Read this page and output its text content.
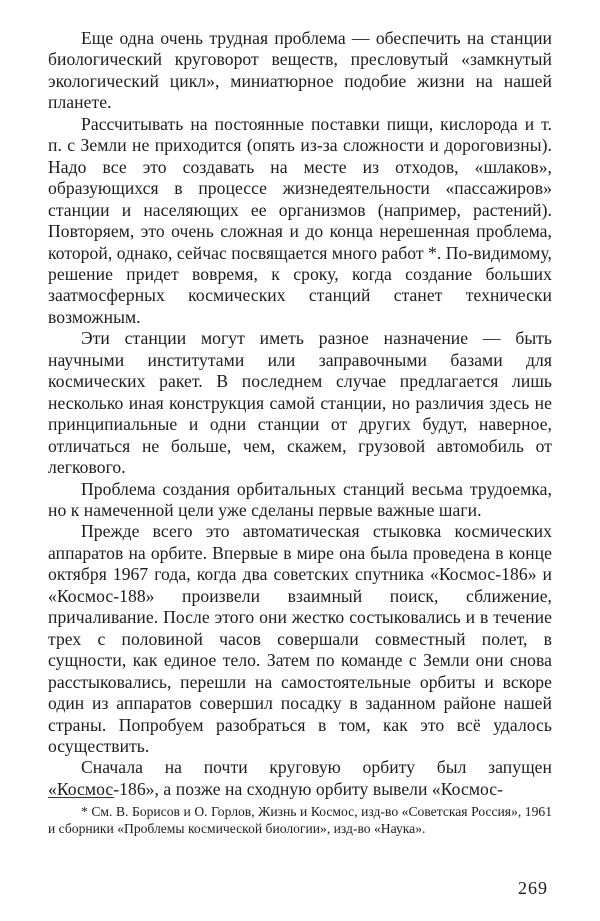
Еще одна очень трудная проблема — обеспечить на станции биологический круговорот веществ, пресловутый «замкнутый экологический цикл», миниатюрное подобие жизни на нашей планете.

Рассчитывать на постоянные поставки пищи, кислорода и т. п. с Земли не приходится (опять из-за сложности и дороговизны). Надо все это создавать на месте из отходов, «шлаков», образующихся в процессе жизнедеятельности «пассажиров» станции и населяющих ее организмов (например, растений). Повторяем, это очень сложная и до конца нерешенная проблема, которой, однако, сейчас посвящается много работ *. По-видимому, решение придет вовремя, к сроку, когда создание больших заатмосферных космических станций станет технически возможным.

Эти станции могут иметь разное назначение — быть научными институтами или заправочными базами для космических ракет. В последнем случае предлагается лишь несколько иная конструкция самой станции, но различия здесь не принципиальные и одни станции от других будут, наверное, отличаться не больше, чем, скажем, грузовой автомобиль от легкового.

Проблема создания орбитальных станций весьма трудоемка, но к намеченной цели уже сделаны первые важные шаги.

Прежде всего это автоматическая стыковка космических аппаратов на орбите. Впервые в мире она была проведена в конце октября 1967 года, когда два советских спутника «Космос-186» и «Космос-188» произвели взаимный поиск, сближение, причаливание. После этого они жестко состыковались и в течение трех с половиной часов совершали совместный полет, в сущности, как единое тело. Затем по команде с Земли они снова расстыковались, перешли на самостоятельные орбиты и вскоре один из аппаратов совершил посадку в заданном районе нашей страны. Попробуем разобраться в том, как это всё удалось осуществить.

Сначала на почти круговую орбиту был запущен «Космос-186», а позже на сходную орбиту вывели «Космос-

* См. В. Борисов и О. Горлов, Жизнь и Космос, изд-во «Советская Россия», 1961 и сборники «Проблемы космической биологии», изд-во «Наука».

269
